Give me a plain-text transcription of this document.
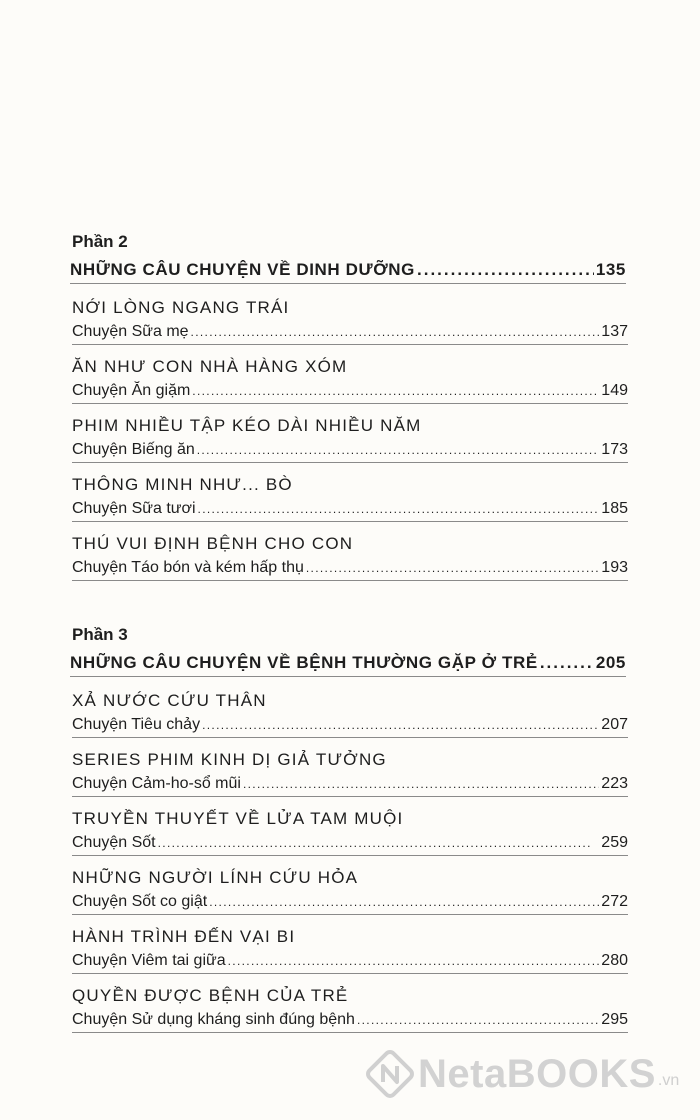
Phần 2
NHỮNG CÂU CHUYỆN VỀ DINH DƯỠNG .....	135
NỚI LÒNG NGANG TRÁI
Chuyện Sữa mẹ . . .	137
ĂN NHƯ CON NHÀ HÀNG XÓM
Chuyện Ăn giặm . . .	149
PHIM NHIỀU TẬP KÉO DÀI NHIỀU NĂM
Chuyện Biếng ăn . . .	173
THÔNG MINH NHƯ... BÒ
Chuyện Sữa tươi . . .	185
THÚ VUI ĐỊNH BỆNH CHO CON
Chuyện Táo bón và kém hấp thụ . . .	193
Phần 3
NHỮNG CÂU CHUYỆN VỀ BỆNH THƯỜNG GẶP Ở TRẺ .....	205
XẢ NƯỚC CỨU THÂN
Chuyện Tiêu chảy . . .	207
SERIES PHIM KINH DỊ GIẢ TƯỞNG
Chuyện Cảm-ho-sổ mũi . . .	223
TRUYỀN THUYẾT VỀ LỬA TAM MUỘI
Chuyện Sốt . . .	259
NHỮNG NGƯỜI LÍNH CỨU HỎA
Chuyện Sốt co giật . . .	272
HÀNH TRÌNH ĐẾN VẠI BI
Chuyện Viêm tai giữa . . .	280
QUYỀN ĐƯỢC BỆNH CỦA TRẺ
Chuyện Sử dụng kháng sinh đúng bệnh . . .	295
NetaBOOKS .vn
